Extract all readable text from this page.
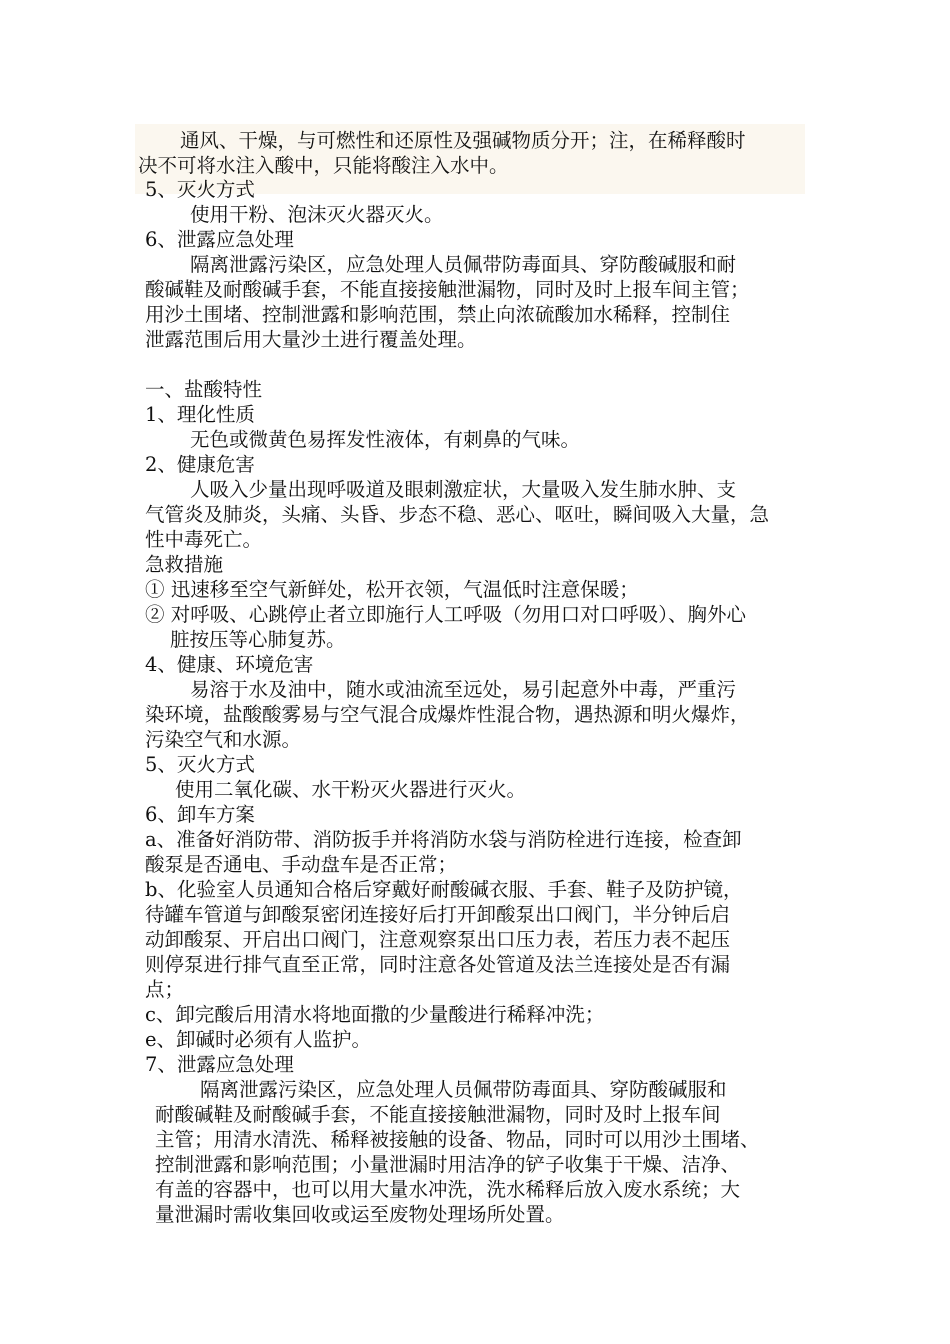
通风、干燥，与可燃性和还原性及强碱物质分开；注，在稀释酸时
决不可将水注入酸中，只能将酸注入水中。
5、灭火方式
使用干粉、泡沫灭火器灭火。
6、泄露应急处理
隔离泄露污染区，应急处理人员佩带防毒面具、穿防酸碱服和耐
酸碱鞋及耐酸碱手套，不能直接接触泄漏物，同时及时上报车间主管；
用沙土围堵、控制泄露和影响范围，禁止向浓硫酸加水稀释，控制住
泄露范围后用大量沙土进行覆盖处理。
一、盐酸特性
1、理化性质
无色或微黄色易挥发性液体，有刺鼻的气味。
2、健康危害
人吸入少量出现呼吸道及眼刺激症状，大量吸入发生肺水肿、支
气管炎及肺炎，头痛、头昏、步态不稳、恶心、呕吐，瞬间吸入大量，急
性中毒死亡。
急救措施
① 迅速移至空气新鲜处，松开衣领，气温低时注意保暖；
② 对呼吸、心跳停止者立即施行人工呼吸（勿用口对口呼吸）、胸外心
脏按压等心肺复苏。
4、健康、环境危害
易溶于水及油中，随水或油流至远处，易引起意外中毒，严重污
染环境，盐酸酸雾易与空气混合成爆炸性混合物，遇热源和明火爆炸，
污染空气和水源。
5、灭火方式
使用二氧化碳、水干粉灭火器进行灭火。
6、卸车方案
a、准备好消防带、消防扳手并将消防水袋与消防栓进行连接，检查卸
酸泵是否通电、手动盘车是否正常；
b、化验室人员通知合格后穿戴好耐酸碱衣服、手套、鞋子及防护镜，
待罐车管道与卸酸泵密闭连接好后打开卸酸泵出口阀门，半分钟后启
动卸酸泵、开启出口阀门，注意观察泵出口压力表，若压力表不起压
则停泵进行排气直至正常，同时注意各处管道及法兰连接处是否有漏
点；
c、卸完酸后用清水将地面撒的少量酸进行稀释冲洗；
e、卸碱时必须有人监护。
7、泄露应急处理
隔离泄露污染区，应急处理人员佩带防毒面具、穿防酸碱服和
耐酸碱鞋及耐酸碱手套，不能直接接触泄漏物，同时及时上报车间
主管；用清水清洗、稀释被接触的设备、物品，同时可以用沙土围堵、
控制泄露和影响范围；小量泄漏时用洁净的铲子收集于干燥、洁净、
有盖的容器中，也可以用大量水冲洗，洗水稀释后放入废水系统；大
量泄漏时需收集回收或运至废物处理场所处置。
